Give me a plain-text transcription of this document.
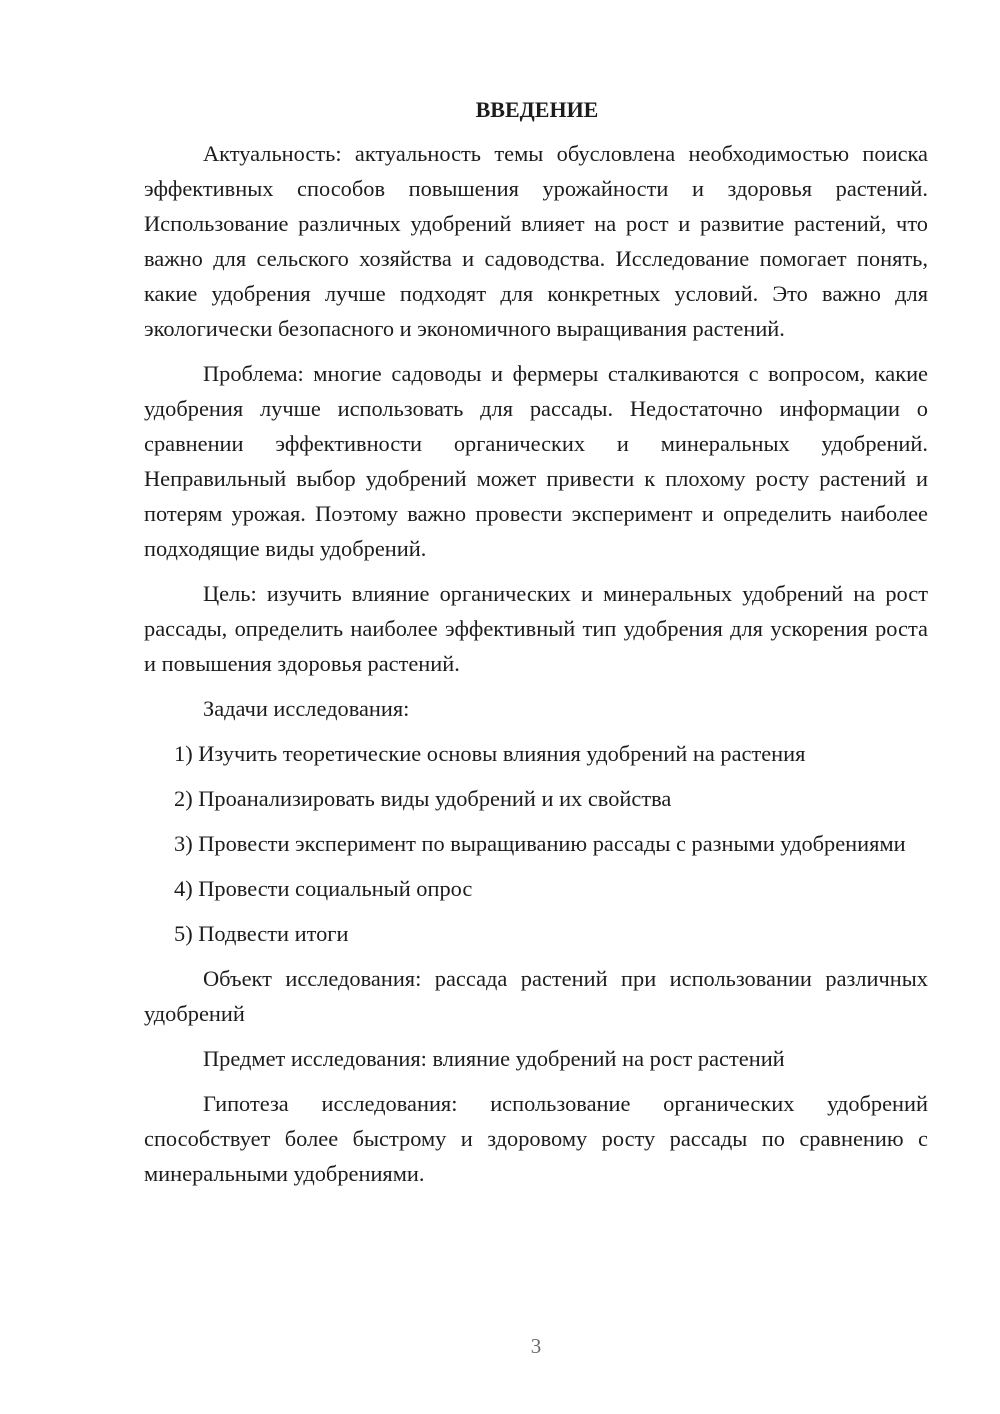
ВВЕДЕНИЕ

Актуальность: актуальность темы обусловлена необходимостью поиска эффективных способов повышения урожайности и здоровья растений. Использование различных удобрений влияет на рост и развитие растений, что важно для сельского хозяйства и садоводства. Исследование помогает понять, какие удобрения лучше подходят для конкретных условий. Это важно для экологически безопасного и экономичного выращивания растений.

Проблема: многие садоводы и фермеры сталкиваются с вопросом, какие удобрения лучше использовать для рассады. Недостаточно информации о сравнении эффективности органических и минеральных удобрений. Неправильный выбор удобрений может привести к плохому росту растений и потерям урожая. Поэтому важно провести эксперимент и определить наиболее подходящие виды удобрений.

Цель: изучить влияние органических и минеральных удобрений на рост рассады, определить наиболее эффективный тип удобрения для ускорения роста и повышения здоровья растений.

Задачи исследования:

1) Изучить теоретические основы влияния удобрений на растения

2) Проанализировать виды удобрений и их свойства

3) Провести эксперимент по выращиванию рассады с разными удобрениями

4) Провести социальный опрос

5) Подвести итоги

Объект исследования: рассада растений при использовании различных удобрений

Предмет исследования: влияние удобрений на рост растений

Гипотеза исследования: использование органических удобрений способствует более быстрому и здоровому росту рассады по сравнению с минеральными удобрениями.

3
